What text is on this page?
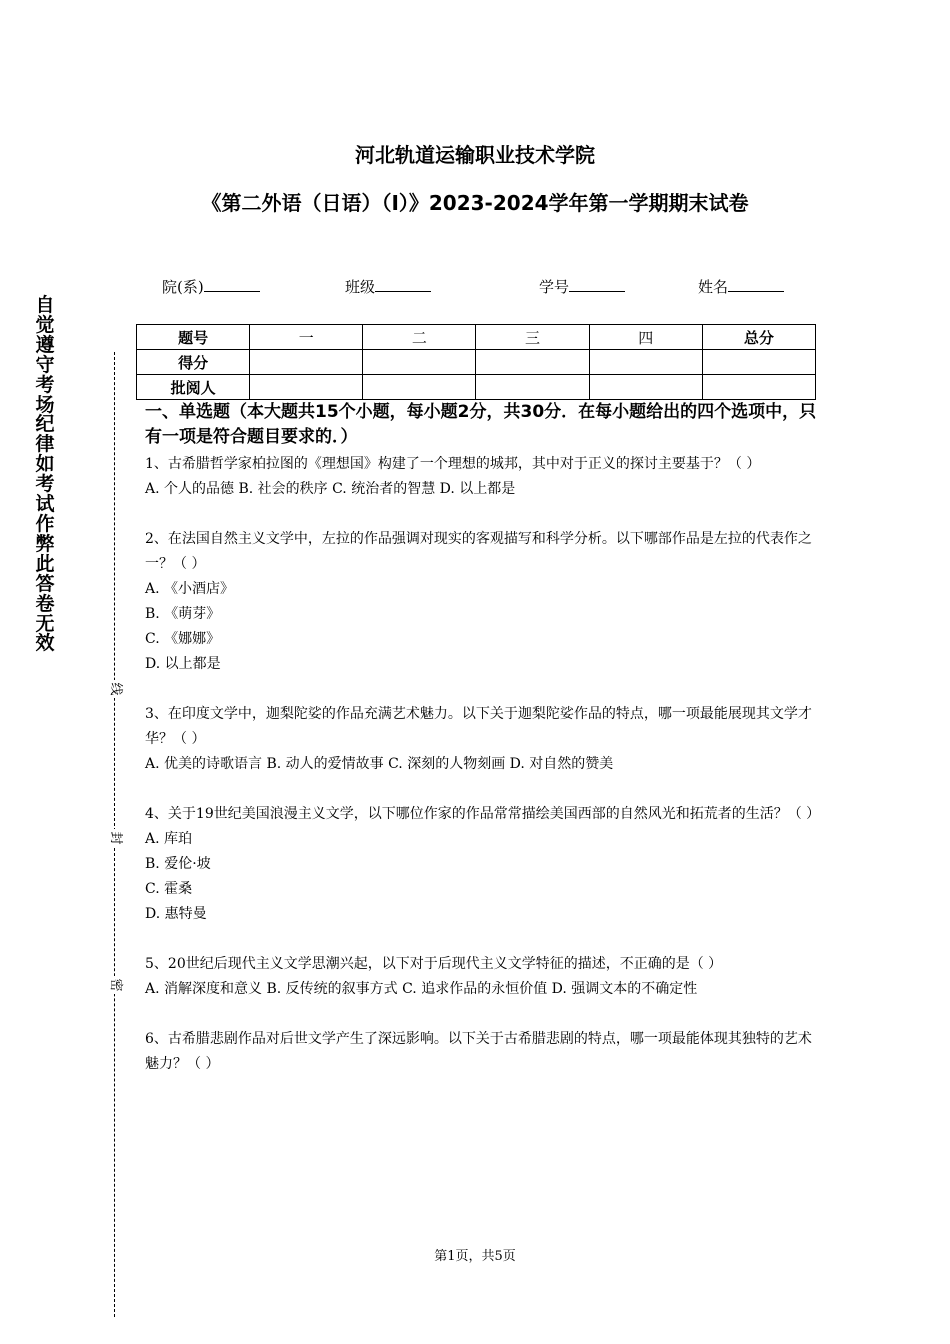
河北轨道运输职业技术学院
《第二外语（日语）（I）》2023-2024学年第一学期期末试卷
院(系)	班级	学号	姓名
题号	一	二	三	四	总分
得分					
批阅人					
自
觉
遵
守
考
场
纪
律
如
考
试
作
弊
此
答
卷
无
效
线
封
密
一、单选题（本大题共15个小题，每小题2分，共30分．在每小题给出的四个选项中，只有一项是符合题目要求的．）

1、古希腊哲学家柏拉图的《理想国》构建了一个理想的城邦，其中对于正义的探讨主要基于？（ ）

A. 个人的品德 B. 社会的秩序 C. 统治者的智慧 D. 以上都是

2、在法国自然主义文学中，左拉的作品强调对现实的客观描写和科学分析。以下哪部作品是左拉的代表作之一？（ ）

A. 《小酒店》

B. 《萌芽》

C. 《娜娜》

D. 以上都是

3、在印度文学中，迦梨陀娑的作品充满艺术魅力。以下关于迦梨陀娑作品的特点，哪一项最能展现其文学才华？（ ）

A. 优美的诗歌语言 B. 动人的爱情故事 C. 深刻的人物刻画 D. 对自然的赞美

4、关于19世纪美国浪漫主义文学，以下哪位作家的作品常常描绘美国西部的自然风光和拓荒者的生活？（ ）

A. 库珀

B. 爱伦·坡

C. 霍桑

D. 惠特曼

5、20世纪后现代主义文学思潮兴起，以下对于后现代主义文学特征的描述，不正确的是（ ）

A. 消解深度和意义 B. 反传统的叙事方式 C. 追求作品的永恒价值 D. 强调文本的不确定性

6、古希腊悲剧作品对后世文学产生了深远影响。以下关于古希腊悲剧的特点，哪一项最能体现其独特的艺术魅力？（ ）

第1页，共5页
